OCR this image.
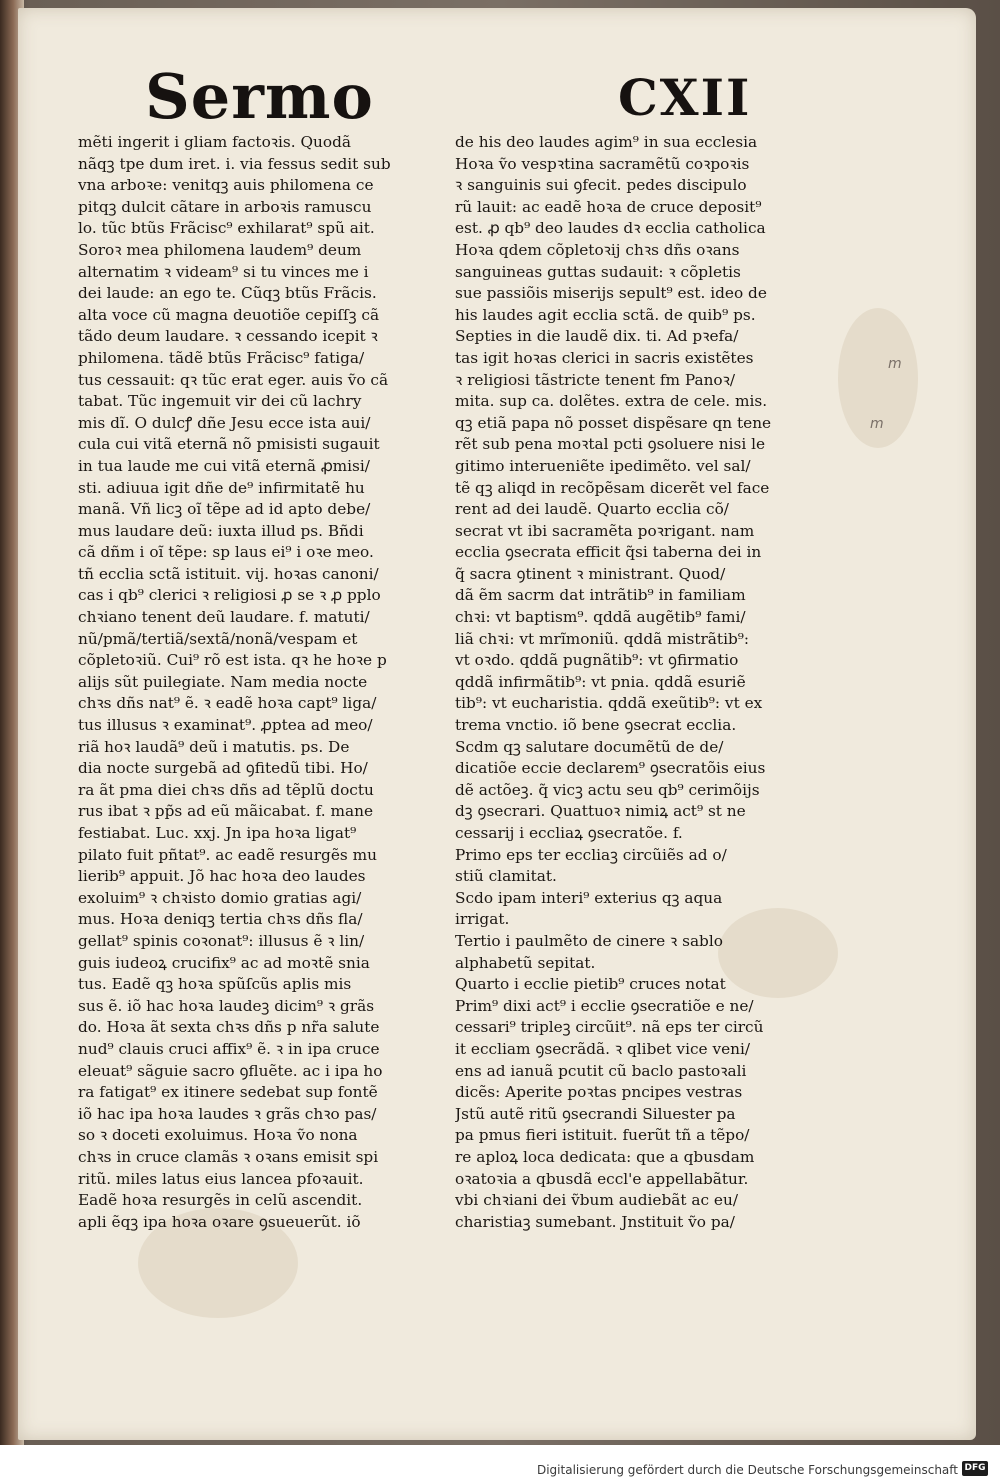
Sermo	CXII
mẽti ingerit i gliam factoꝛis. Quodã
nãqꝫ tpe dum iret. i. via fessus sedit sub
vna arboꝛe: venitqꝫ auis philomena ce
pitqꝫ dulcit cãtare in arboꝛis ramuscu
lo. tũc btũs Frãcisc⁹ exhilarat⁹ spũ ait.
Soroꝛ mea philomena laudem⁹ deum
alternatim ꝛ videam⁹ si tu vinces me i
dei laude: an ego te. Cũqꝫ btũs Frãcis.
alta voce cũ magna deuotiõe cepiſſꝫ cã
tãdo deum laudare. ꝛ cessando icepit ꝛ
philomena. tãdẽ btũs Frãcisc⁹ fatiga/
tus cessauit: qꝛ tũc erat eger. auis ṽo cã
tabat. Tũc ingemuit vir dei cũ lachry
mis dĩ. O dulcꝭ dñe Jesu ecce ista aui/
cula cui vitã eternã nõ pmisisti sugauit
in tua laude me cui vitã eternã ꝓmisi/
sti. adiuua igit dñe de⁹ infirmitatẽ hu
manã. Vñ licꝫ oĩ tẽpe ad id apto debe/
mus laudare deũ: iuxta illud ps. Bñdi
cã dñm i oĩ tẽpe: sp laus ei⁹ i oꝛe meo.
tñ ecclia sctã istituit. vij. hoꝛas canoni/
cas i qb⁹ clerici ꝛ religiosi ꝓ se ꝛ ꝓ pplo
chꝛiano tenent deũ laudare. f. matuti/
nũ/pmã/tertiã/sextã/nonã/vespam et
cõpletoꝛiũ. Cui⁹ rõ est ista. qꝛ he hoꝛe p
alijs sũt puilegiate. Nam media nocte
chꝛs dñs nat⁹ ẽ. ꝛ eadẽ hoꝛa capt⁹ liga/
tus illusus ꝛ examinat⁹. ꝓptea ad meo/
riã hoꝛ laudã⁹ deũ i matutis. ps. De
dia nocte surgebã ad ꝯfitedũ tibi. Ho/
ra ãt pma diei chꝛs dñs ad tẽplũ doctu
rus ibat ꝛ pp̃s ad eũ mãicabat. f. mane
festiabat. Luc. xxj. Jn ipa hoꝛa ligat⁹
pilato fuit pñtat⁹. ac eadẽ resurgẽs mu
lierib⁹ appuit. Jõ hac hoꝛa deo laudes
exoluim⁹ ꝛ chꝛisto domio gratias agi/
mus. Hoꝛa deniqꝫ tertia chꝛs dñs fla/
gellat⁹ spinis coꝛonat⁹: illusus ẽ ꝛ lin/
guis iudeoꝝ crucifix⁹ ac ad moꝛtẽ snia
tus. Eadẽ qꝫ hoꝛa spũſcũs aplis mis
sus ẽ. iõ hac hoꝛa laudeꝫ dicim⁹ ꝛ grãs
do. Hoꝛa ãt sexta chꝛs dñs p nr̃a salute
nud⁹ clauis cruci affix⁹ ẽ. ꝛ in ipa cruce
eleuat⁹ sãguie sacro ꝯfluẽte. ac i ipa ho
ra fatigat⁹ ex itinere sedebat sup fontẽ
iõ hac ipa hoꝛa laudes ꝛ grãs chꝛo pas/
so ꝛ doceti exoluimus. Hoꝛa ṽo nona
chꝛs in cruce clamãs ꝛ oꝛans emisit spi
ritũ. miles latus eius lancea pfoꝛauit.
Eadẽ hoꝛa resurgẽs in celũ ascendit.
apli ẽqꝫ ipa hoꝛa oꝛare ꝯsueuerũt. iõ
de his deo laudes agim⁹ in sua ecclesia
Hoꝛa ṽo vespꝛtina sacramẽtũ coꝛpoꝛis
ꝛ sanguinis sui ꝯfecit. pedes discipulo
rũ lauit: ac eadẽ hoꝛa de cruce deposit⁹
est. ꝓ qb⁹ deo laudes dꝛ ecclia catholica
Hoꝛa qdem cõpletoꝛij chꝛs dñs oꝛans
sanguineas guttas sudauit: ꝛ cõpletis
sue passiõis miserijs sepult⁹ est. ideo de
his laudes agit ecclia sctã. de quib⁹ ps.
Septies in die laudẽ dix. ti. Ad pꝛefa/
tas igit hoꝛas clerici in sacris existẽtes
ꝛ religiosi tãstricte tenent fm Panoꝛ/
mita. sup ca. dolẽtes. extra de cele. mis.
qꝫ etiã papa nõ posset dispẽsare qn tene
rẽt sub pena moꝛtal pcti ꝯsoluere nisi le
gitimo interueniẽte ipedimẽto. vel sal/
tẽ qꝫ aliqd in recõpẽsam dicerẽt vel face
rent ad dei laudẽ. Quarto ecclia cõ/
secrat vt ibi sacramẽta poꝛrigant. nam
ecclia ꝯsecrata efficit q̃si taberna dei in
q̃ sacra ꝯtinent ꝛ ministrant. Quod/
dã ẽm sacrm dat intrãtib⁹ in familiam
chꝛi: vt baptism⁹. qddã augẽtib⁹ fami/
liã chꝛi: vt mrĩmoniũ. qddã mistrãtib⁹:
vt oꝛdo. qddã pugnãtib⁹: vt ꝯfirmatio
qddã infirmãtib⁹: vt pnia. qddã esuriẽ
tib⁹: vt eucharistia. qddã exeũtib⁹: vt ex
trema vnctio. iõ bene ꝯsecrat ecclia.
Scdm qꝫ salutare documẽtũ de de/
dicatiõe eccie declarem⁹ ꝯsecratõis eius
dẽ actõeꝫ. q̃ vicꝫ actu seu qb⁹ cerimõijs
dꝫ ꝯsecrari. Quattuoꝛ nimiꝝ act⁹ st ne
cessarij i eccliaꝝ ꝯsecratõe. f.
Primo eps ter eccliaꝫ circũiẽs ad o/
stiũ clamitat.
Scdo ipam interi⁹ exterius qꝫ aqua
irrigat.
Tertio i paulmẽto de cinere ꝛ sablo
alphabetũ sepitat.
Quarto i ecclie pietib⁹ cruces notat
Prim⁹ dixi act⁹ i ecclie ꝯsecratiõe e ne/
cessari⁹ tripleꝫ circũit⁹. nã eps ter circũ
it eccliam ꝯsecrãdã. ꝛ qlibet vice veni/
ens ad ianuã pcutit cũ baclo pastoꝛali
dicẽs: Aperite poꝛtas pncipes vestras
Jstũ autẽ ritũ ꝯsecrandi Siluester pa
pa pmus fieri istituit. fuerũt tñ a tẽpo/
re aploꝝ loca dedicata: que a qbusdam
oꝛatoꝛia a qbusdã eccl'e appellabãtur.
vbi chꝛiani dei ṽbum audiebãt ac eu/
charistiaꝫ sumebant. Jnstituit ṽo pa/
m
m
Digitalisierung gefördert durch die Deutsche Forschungsgemeinschaft DFG
